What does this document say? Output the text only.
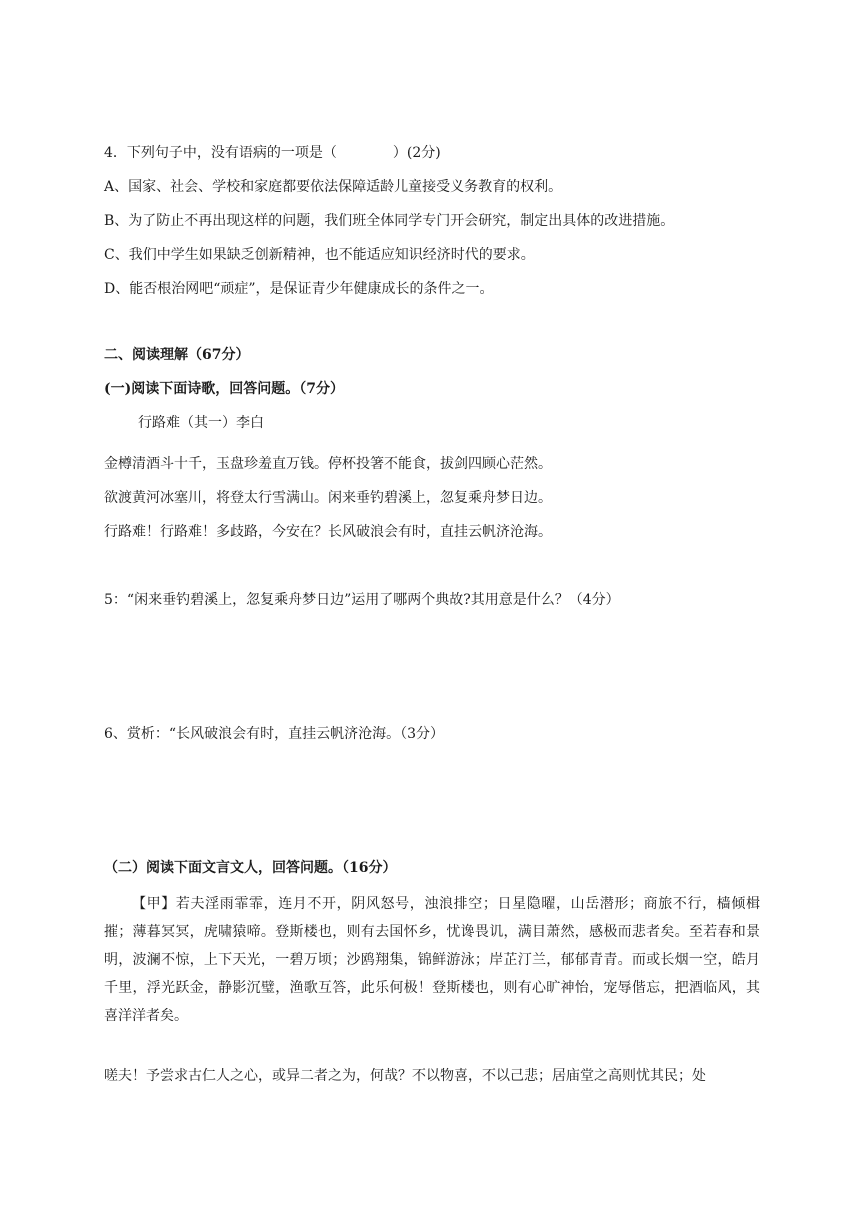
4．下列句子中，没有语病的一项是（　　　　）(2分)
A、国家、社会、学校和家庭都要依法保障适龄儿童接受义务教育的权利。
B、为了防止不再出现这样的问题，我们班全体同学专门开会研究，制定出具体的改进措施。
C、我们中学生如果缺乏创新精神，也不能适应知识经济时代的要求。
D、能否根治网吧“顽症”，是保证青少年健康成长的条件之一。
二、阅读理解（67分）
(一)阅读下面诗歌，回答问题。（7分）
行路难（其一）李白
金樽清酒斗十千，玉盘珍羞直万钱。停杯投箸不能食，拔剑四顾心茫然。
欲渡黄河冰塞川，将登太行雪满山。闲来垂钓碧溪上，忽复乘舟梦日边。
行路难！行路难！多歧路，今安在？长风破浪会有时，直挂云帆济沧海。
5：“闲来垂钓碧溪上，忽复乘舟梦日边”运用了哪两个典故?其用意是什么？（4分）
6、赏析：“长风破浪会有时，直挂云帆济沧海。（3分）
（二）阅读下面文言文人，回答问题。（16分）
【甲】若夫淫雨霏霏，连月不开，阴风怒号，浊浪排空；日星隐曜，山岳潜形；商旅不行，樯倾楫摧；薄暮冥冥，虎啸猿啼。登斯楼也，则有去国怀乡，忧谗畏讥，满目萧然，感极而悲者矣。至若春和景明，波澜不惊，上下天光，一碧万顷；沙鸥翔集，锦鲜游泳；岸芷汀兰，郁郁青青。而或长烟一空，皓月千里，浮光跃金，静影沉璧，渔歌互答，此乐何极！登斯楼也，则有心旷神怡，宠辱偕忘，把酒临风，其喜洋洋者矣。
嗟夫！予尝求古仁人之心，或异二者之为，何哉？不以物喜，不以己悲；居庙堂之高则忧其民；处
